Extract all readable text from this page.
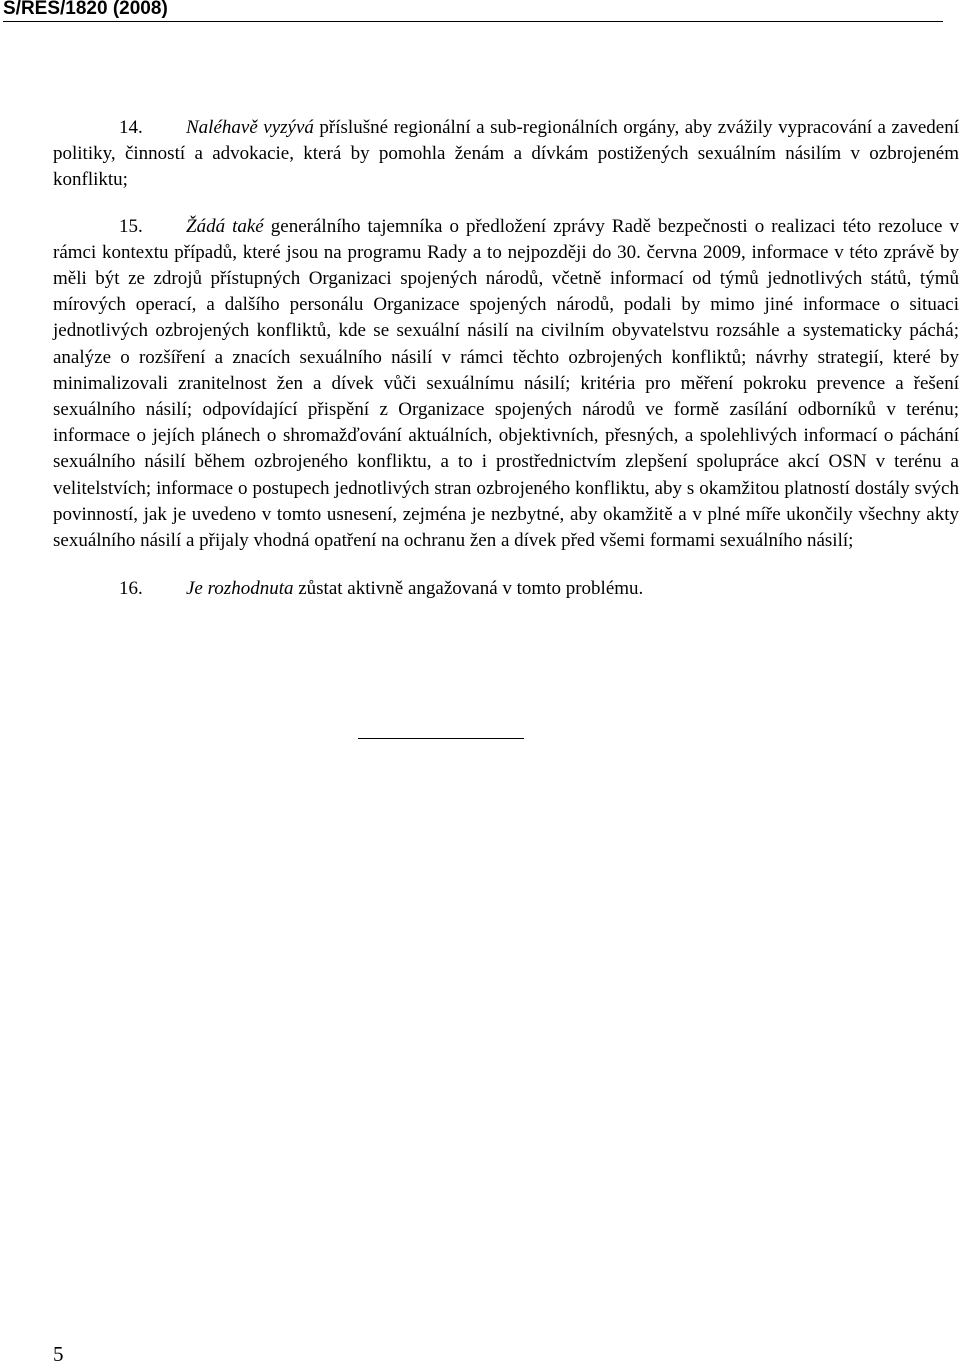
S/RES/1820 (2008)

14. Naléhavě vyzývá příslušné regionální a sub-regionálních orgány, aby zvážily vypracování a zavedení politiky, činností a advokacie, která by pomohla ženám a dívkám postižených sexuálním násilím v ozbrojeném konfliktu;

15. Žádá také generálního tajemníka o předložení zprávy Radě bezpečnosti o realizaci této rezoluce v rámci kontextu případů, které jsou na programu Rady a to nejpozději do 30. června 2009, informace v této zprávě by měli být ze zdrojů přístupných Organizaci spojených národů, včetně informací od týmů jednotlivých států, týmů mírových operací, a dalšího personálu Organizace spojených národů, podali by mimo jiné informace o situaci jednotlivých ozbrojených konfliktů, kde se sexuální násilí na civilním obyvatelstvu rozsáhle a systematicky páchá; analýze o rozšíření a znacích sexuálního násilí v rámci těchto ozbrojených konfliktů; návrhy strategií, které by minimalizovali zranitelnost žen a dívek vůči sexuálnímu násilí; kritéria pro měření pokroku prevence a řešení sexuálního násilí; odpovídající přispění z Organizace spojených národů ve formě zasílání odborníků v terénu; informace o jejích plánech o shromažďování aktuálních, objektivních, přesných, a spolehlivých informací o páchání sexuálního násilí během ozbrojeného konfliktu, a to i prostřednictvím zlepšení spolupráce akcí OSN v terénu a velitelstvích; informace o postupech jednotlivých stran ozbrojeného konfliktu, aby s okamžitou platností dostály svých povinností, jak je uvedeno v tomto usnesení, zejména je nezbytné, aby okamžitě a v plné míře ukončily všechny akty sexuálního násilí a přijaly vhodná opatření na ochranu žen a dívek před všemi formami sexuálního násilí;

16. Je rozhodnuta zůstat aktivně angažovaná v tomto problému.

5
